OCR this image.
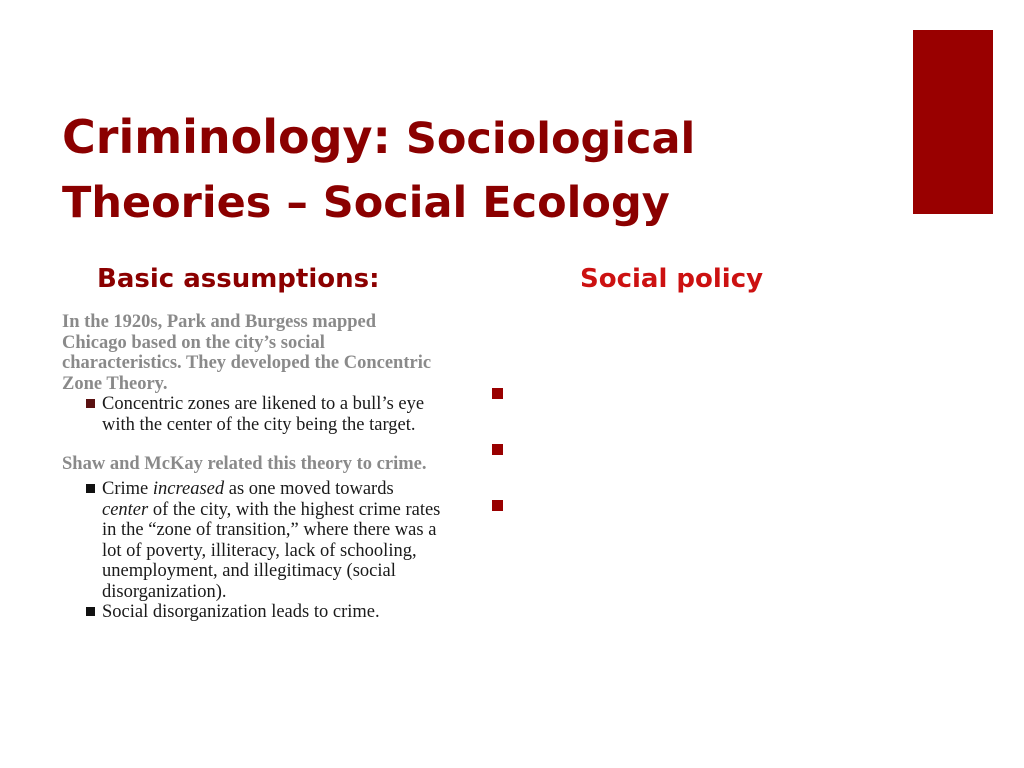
Criminology: Sociological
Theories – Social Ecology
Basic assumptions:	Social policy

In the 1920s, Park and Burgess mapped Chicago based on the city’s social characteristics. They developed the Concentric Zone Theory.

Concentric zones are likened to a bull’s eye with the center of the city being the target.

Shaw and McKay related this theory to crime.

Crime increased as one moved towards center of the city, with the highest crime rates in the “zone of transition,” where there was a lot of poverty, illiteracy, lack of schooling, unemployment, and illegitimacy (social disorganization).

Social disorganization leads to crime.
